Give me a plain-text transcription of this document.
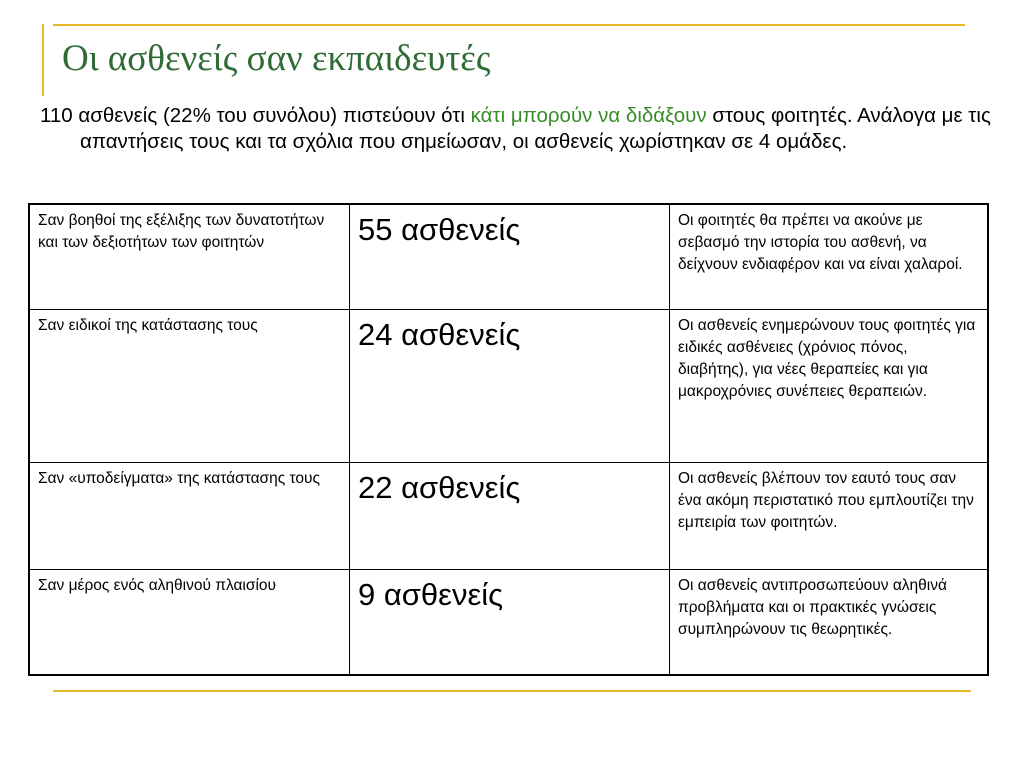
Οι ασθενείς σαν εκπαιδευτές

110 ασθενείς (22% του συνόλου) πιστεύουν ότι κάτι μπορούν να διδάξουν στους φοιτητές. Ανάλογα με τις απαντήσεις τους και τα σχόλια που σημείωσαν, οι ασθενείς χωρίστηκαν σε 4 ομάδες.

Σαν βοηθοί της εξέλιξης των δυνατοτήτων και των δεξιοτήτων των φοιτητών	55 ασθενείς	Οι φοιτητές θα πρέπει να ακούνε με σεβασμό την ιστορία του ασθενή, να δείχνουν ενδιαφέρον και να είναι χαλαροί.
Σαν ειδικοί της κατάστασης τους	24 ασθενείς	Οι ασθενείς ενημερώνουν τους φοιτητές για ειδικές ασθένειες (χρόνιος πόνος, διαβήτης), για νέες θεραπείες και για μακροχρόνιες συνέπειες θεραπειών.
Σαν «υποδείγματα» της κατάστασης τους	22 ασθενείς	Οι ασθενείς βλέπουν τον εαυτό τους σαν ένα ακόμη περιστατικό που εμπλουτίζει την εμπειρία των φοιτητών.
Σαν μέρος ενός αληθινού πλαισίου	9 ασθενείς	Οι ασθενείς αντιπροσωπεύουν αληθινά προβλήματα και οι πρακτικές γνώσεις συμπληρώνουν τις θεωρητικές.
